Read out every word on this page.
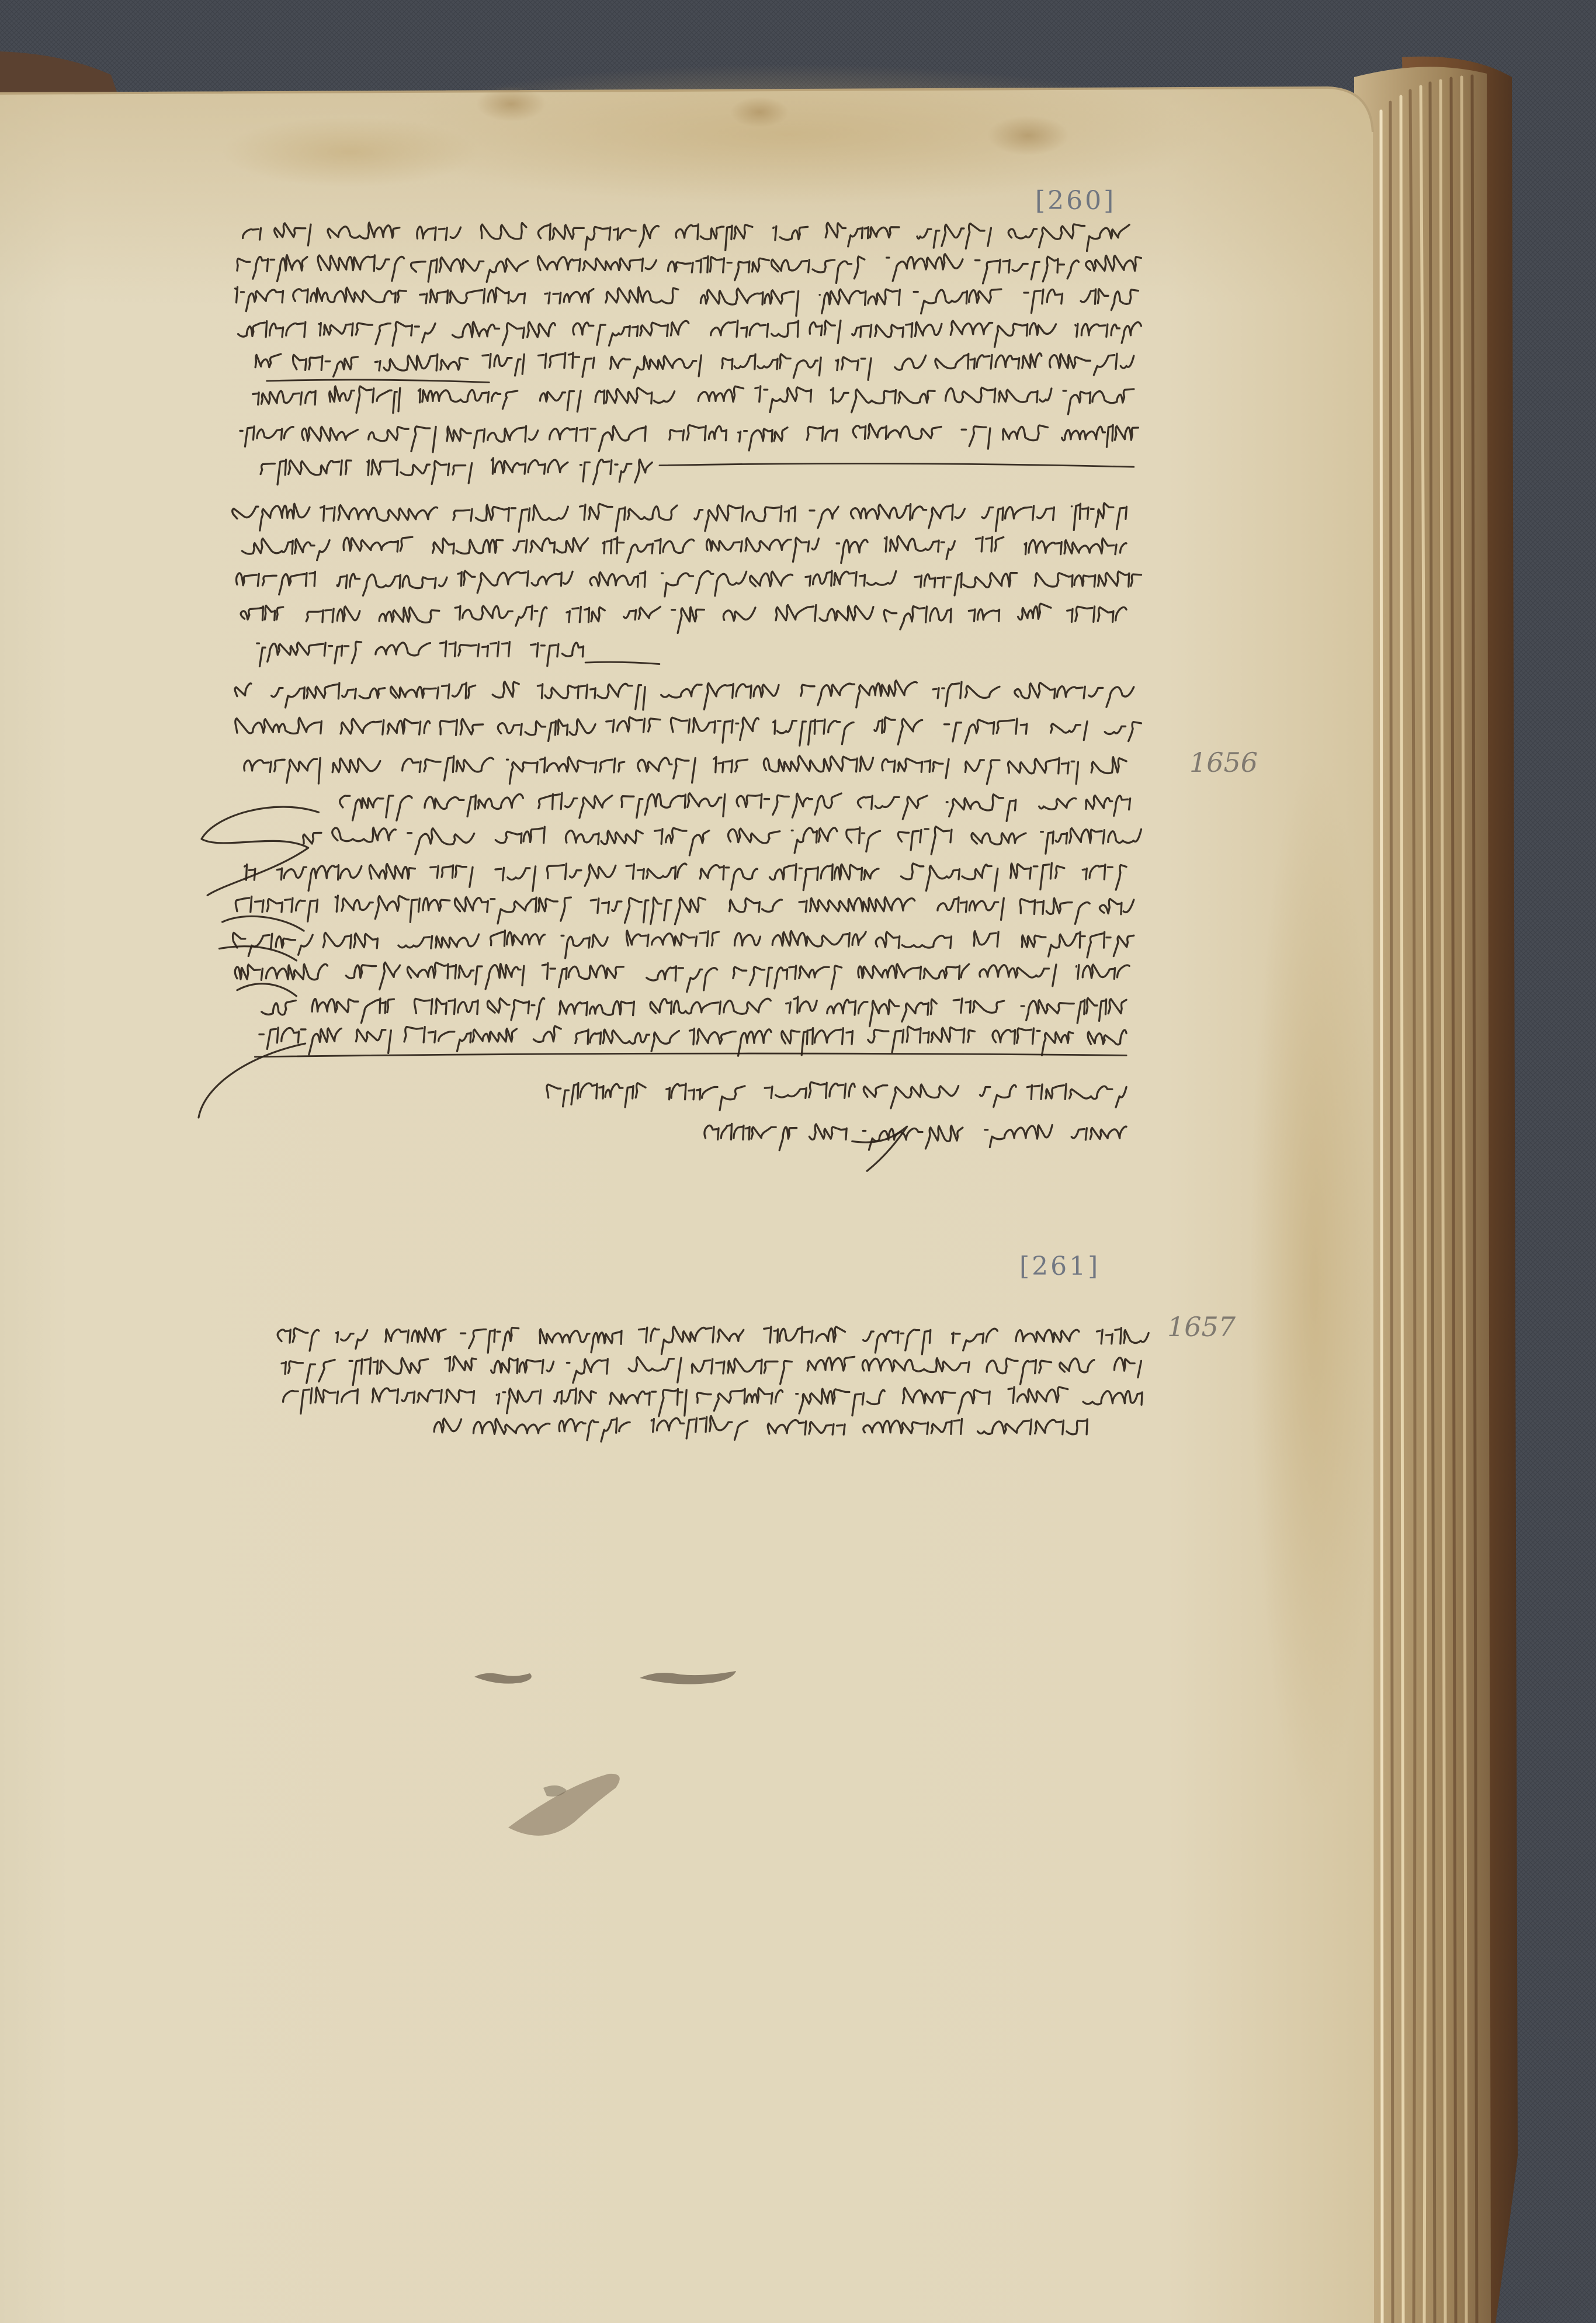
[260]
1656
[261]
1657
